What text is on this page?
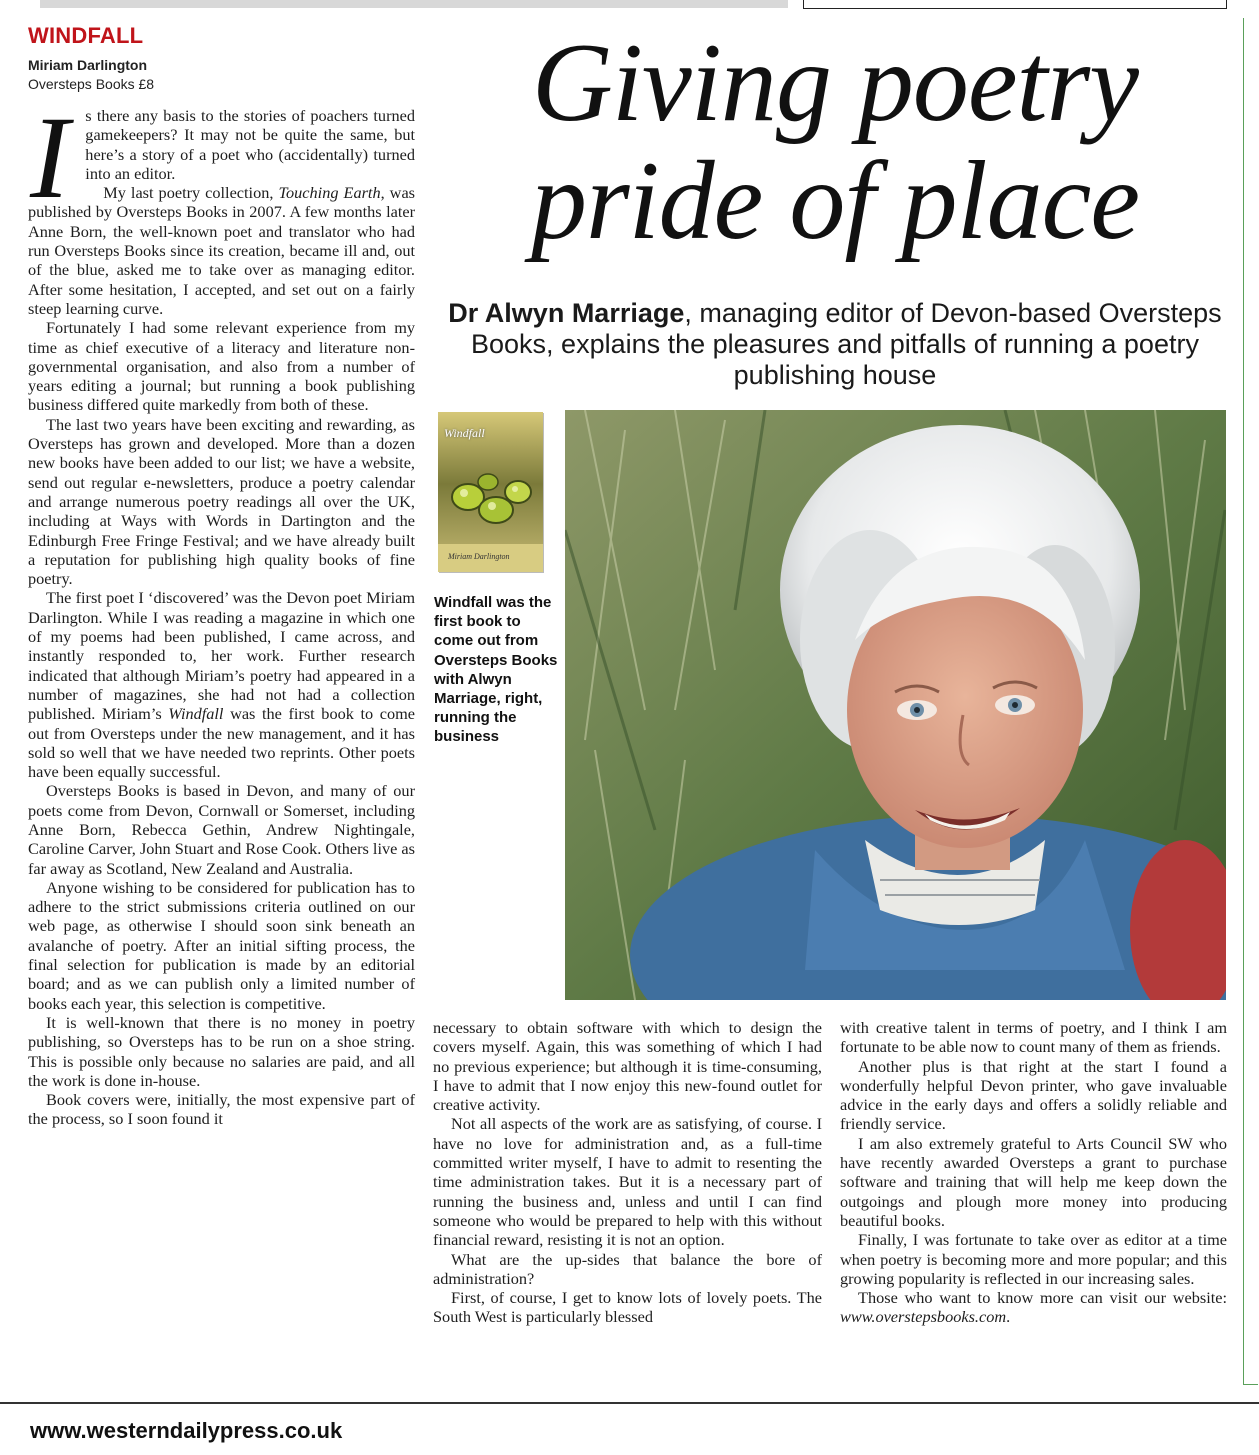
WINDFALL
Miriam Darlington
Oversteps Books £8	Giving poetry
pride of place
Dr Alwyn Marriage, managing editor of Devon-based Oversteps Books, explains the pleasures and pitfalls of running a poetry publishing house

Is there any basis to the stories of poachers turned gamekeepers? It may not be quite the same, but here’s a story of a poet who (accidentally) turned into an editor.

My last poetry collection, Touching Earth, was published by Oversteps Books in 2007. A few months later Anne Born, the well-known poet and translator who had run Oversteps Books since its creation, became ill and, out of the blue, asked me to take over as managing editor. After some hesitation, I accepted, and set out on a fairly steep learning curve.

Fortunately I had some relevant experience from my time as chief executive of a literacy and literature non-governmental organisation, and also from a number of years editing a journal; but running a book publishing business differed quite markedly from both of these.

The last two years have been exciting and rewarding, as Oversteps has grown and developed. More than a dozen new books have been added to our list; we have a website, send out regular e-newsletters, produce a poetry calendar and arrange numerous poetry readings all over the UK, including at Ways with Words in Dartington and the Edinburgh Free Fringe Festival; and we have already built a reputation for publishing high quality books of fine poetry.

The first poet I ‘discovered’ was the Devon poet Miriam Darlington. While I was reading a magazine in which one of my poems had been published, I came across, and instantly responded to, her work. Further research indicated that although Miriam’s poetry had appeared in a number of magazines, she had not had a collection published. Miriam’s Windfall was the first book to come out from Oversteps under the new management, and it has sold so well that we have needed two reprints. Other poets have been equally successful.

Oversteps Books is based in Devon, and many of our poets come from Devon, Cornwall or Somerset, including Anne Born, Rebecca Gethin, Andrew Nightingale, Caroline Carver, John Stuart and Rose Cook. Others live as far away as Scotland, New Zealand and Australia.

Anyone wishing to be considered for publication has to adhere to the strict submissions criteria outlined on our web page, as otherwise I should soon sink beneath an avalanche of poetry. After an initial sifting process, the final selection for publication is made by an editorial board; and as we can publish only a limited number of books each year, this selection is competitive.

It is well-known that there is no money in poetry publishing, so Oversteps has to be run on a shoe string. This is possible only because no salaries are paid, and all the work is done in-house.

Book covers were, initially, the most expensive part of the process, so I soon found it

necessary to obtain software with which to design the covers myself. Again, this was something of which I had no previous experience; but although it is time-consuming, I have to admit that I now enjoy this new-found outlet for creative activity.

Not all aspects of the work are as satisfying, of course. I have no love for administration and, as a full-time committed writer myself, I have to admit to resenting the time administration takes. But it is a necessary part of running the business and, unless and until I can find someone who would be prepared to help with this without financial reward, resisting it is not an option.

What are the up-sides that balance the bore of administration?

First, of course, I get to know lots of lovely poets. The South West is particularly blessed

with creative talent in terms of poetry, and I think I am fortunate to be able now to count many of them as friends.

Another plus is that right at the start I found a wonderfully helpful Devon printer, who gave invaluable advice in the early days and offers a solidly reliable and friendly service.

I am also extremely grateful to Arts Council SW who have recently awarded Oversteps a grant to purchase software and training that will help me keep down the outgoings and plough more money into producing beautiful books.

Finally, I was fortunate to take over as editor at a time when poetry is becoming more and more popular; and this growing popularity is reflected in our increasing sales.

Those who want to know more can visit our website: www.overstepsbooks.com.

Windfall
Miriam Darlington
Windfall was the first book to come out from Oversteps Books with Alwyn Marriage, right, running the business
www.westerndailypress.co.uk
